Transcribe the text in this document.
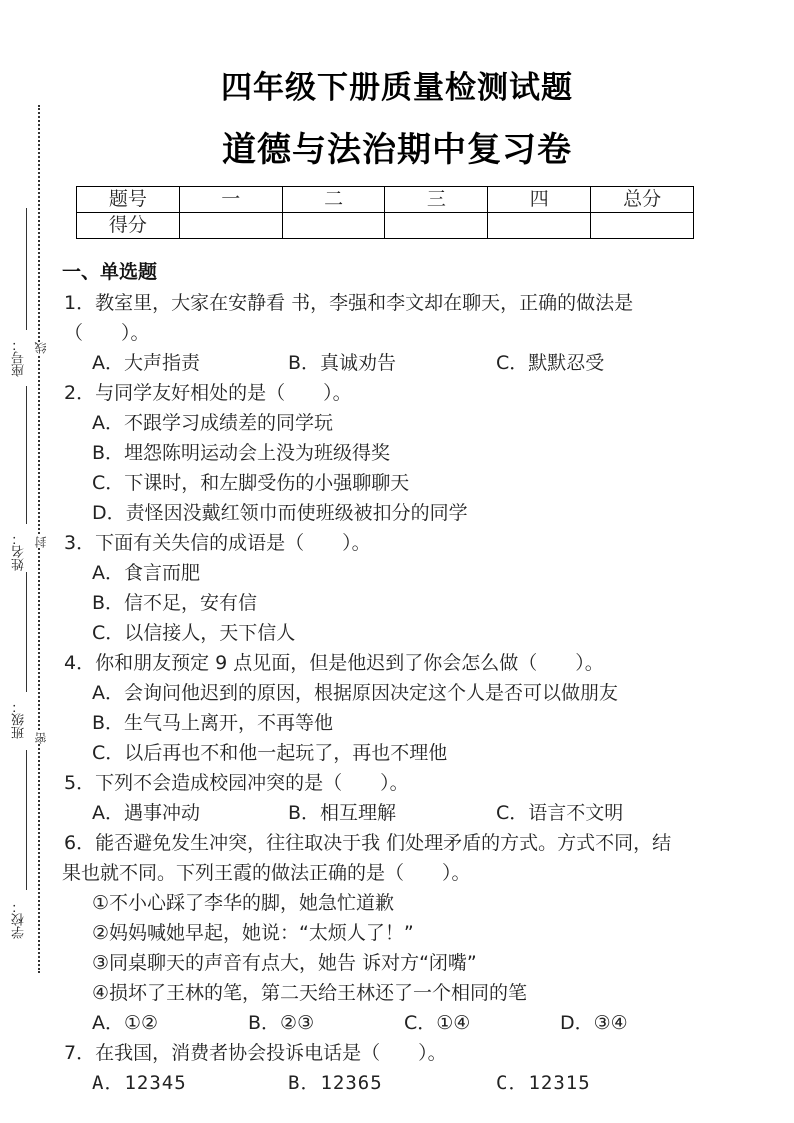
座号：
姓名：
班级：
学校：
线
封
密
四年级下册质量检测试题
道德与法治期中复习卷
题号	一	二	三	四	总分
得分					
一、单选题
1．教室里，大家在安静看 书，李强和李文却在聊天，正确的做法是
（　　）。
A．大声指责	B．真诚劝告	C．默默忍受
2．与同学友好相处的是（　　）。
A．不跟学习成绩差的同学玩
B．埋怨陈明运动会上没为班级得奖
C．下课时，和左脚受伤的小强聊聊天
D．责怪因没戴红领巾而使班级被扣分的同学
3．下面有关失信的成语是（　　）。
A．食言而肥
B．信不足，安有信
C．以信接人，天下信人
4．你和朋友预定 9 点见面，但是他迟到了你会怎么做（　　）。
A．会询问他迟到的原因，根据原因决定这个人是否可以做朋友
B．生气马上离开，不再等他
C．以后再也不和他一起玩了，再也不理他
5．下列不会造成校园冲突的是（　　）。
A．遇事冲动	B．相互理解	C．语言不文明
6．能否避免发生冲突，往往取决于我 们处理矛盾的方式。方式不同，结
果也就不同。下列王霞的做法正确的是（　　）。
①不小心踩了李华的脚，她急忙道歉
②妈妈喊她早起，她说：“太烦人了！”
③同桌聊天的声音有点大，她告 诉对方“闭嘴”
④损坏了王林的笔，第二天给王林还了一个相同的笔
A．①②	B．②③	C．①④	D．③④
7．在我国，消费者协会投诉电话是（　　）。
A．12345	B．12365	C．12315
